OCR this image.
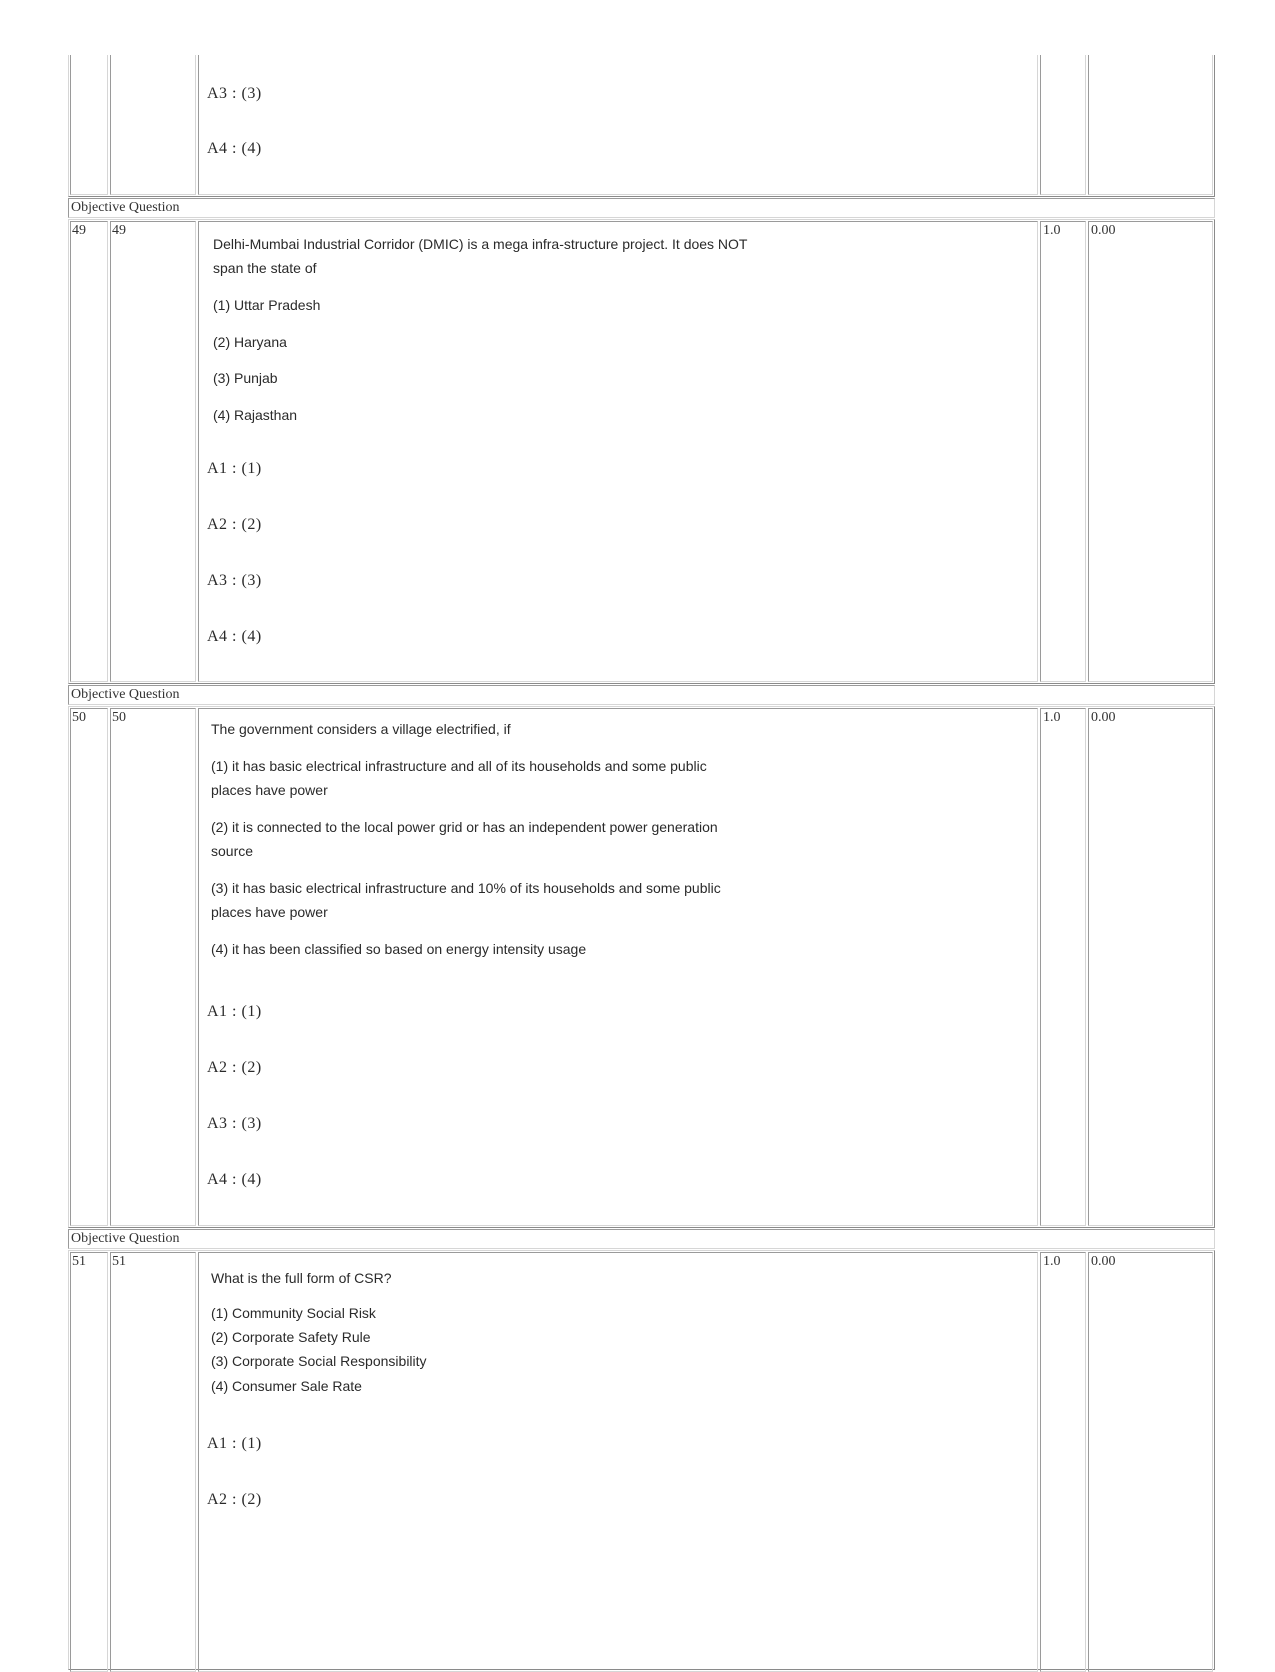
A3 : (3)
A4 : (4)
Objective Question
49 49
Delhi-Mumbai Industrial Corridor (DMIC) is a mega infra-structure project. It does NOT
span the state of
(1) Uttar Pradesh
(2) Haryana
(3) Punjab
(4) Rajasthan
A1 : (1)
A2 : (2)
A3 : (3)
A4 : (4)
1.0 0.00
Objective Question
50 50
The government considers a village electrified, if
(1) it has basic electrical infrastructure and all of its households and some public
places have power
(2) it is connected to the local power grid or has an independent power generation
source
(3) it has basic electrical infrastructure and 10% of its households and some public
places have power
(4) it has been classified so based on energy intensity usage
A1 : (1)
A2 : (2)
A3 : (3)
A4 : (4)
1.0 0.00
Objective Question
51 51
What is the full form of CSR?
(1) Community Social Risk
(2) Corporate Safety Rule
(3) Corporate Social Responsibility
(4) Consumer Sale Rate
A1 : (1)
A2 : (2)
1.0 0.00
